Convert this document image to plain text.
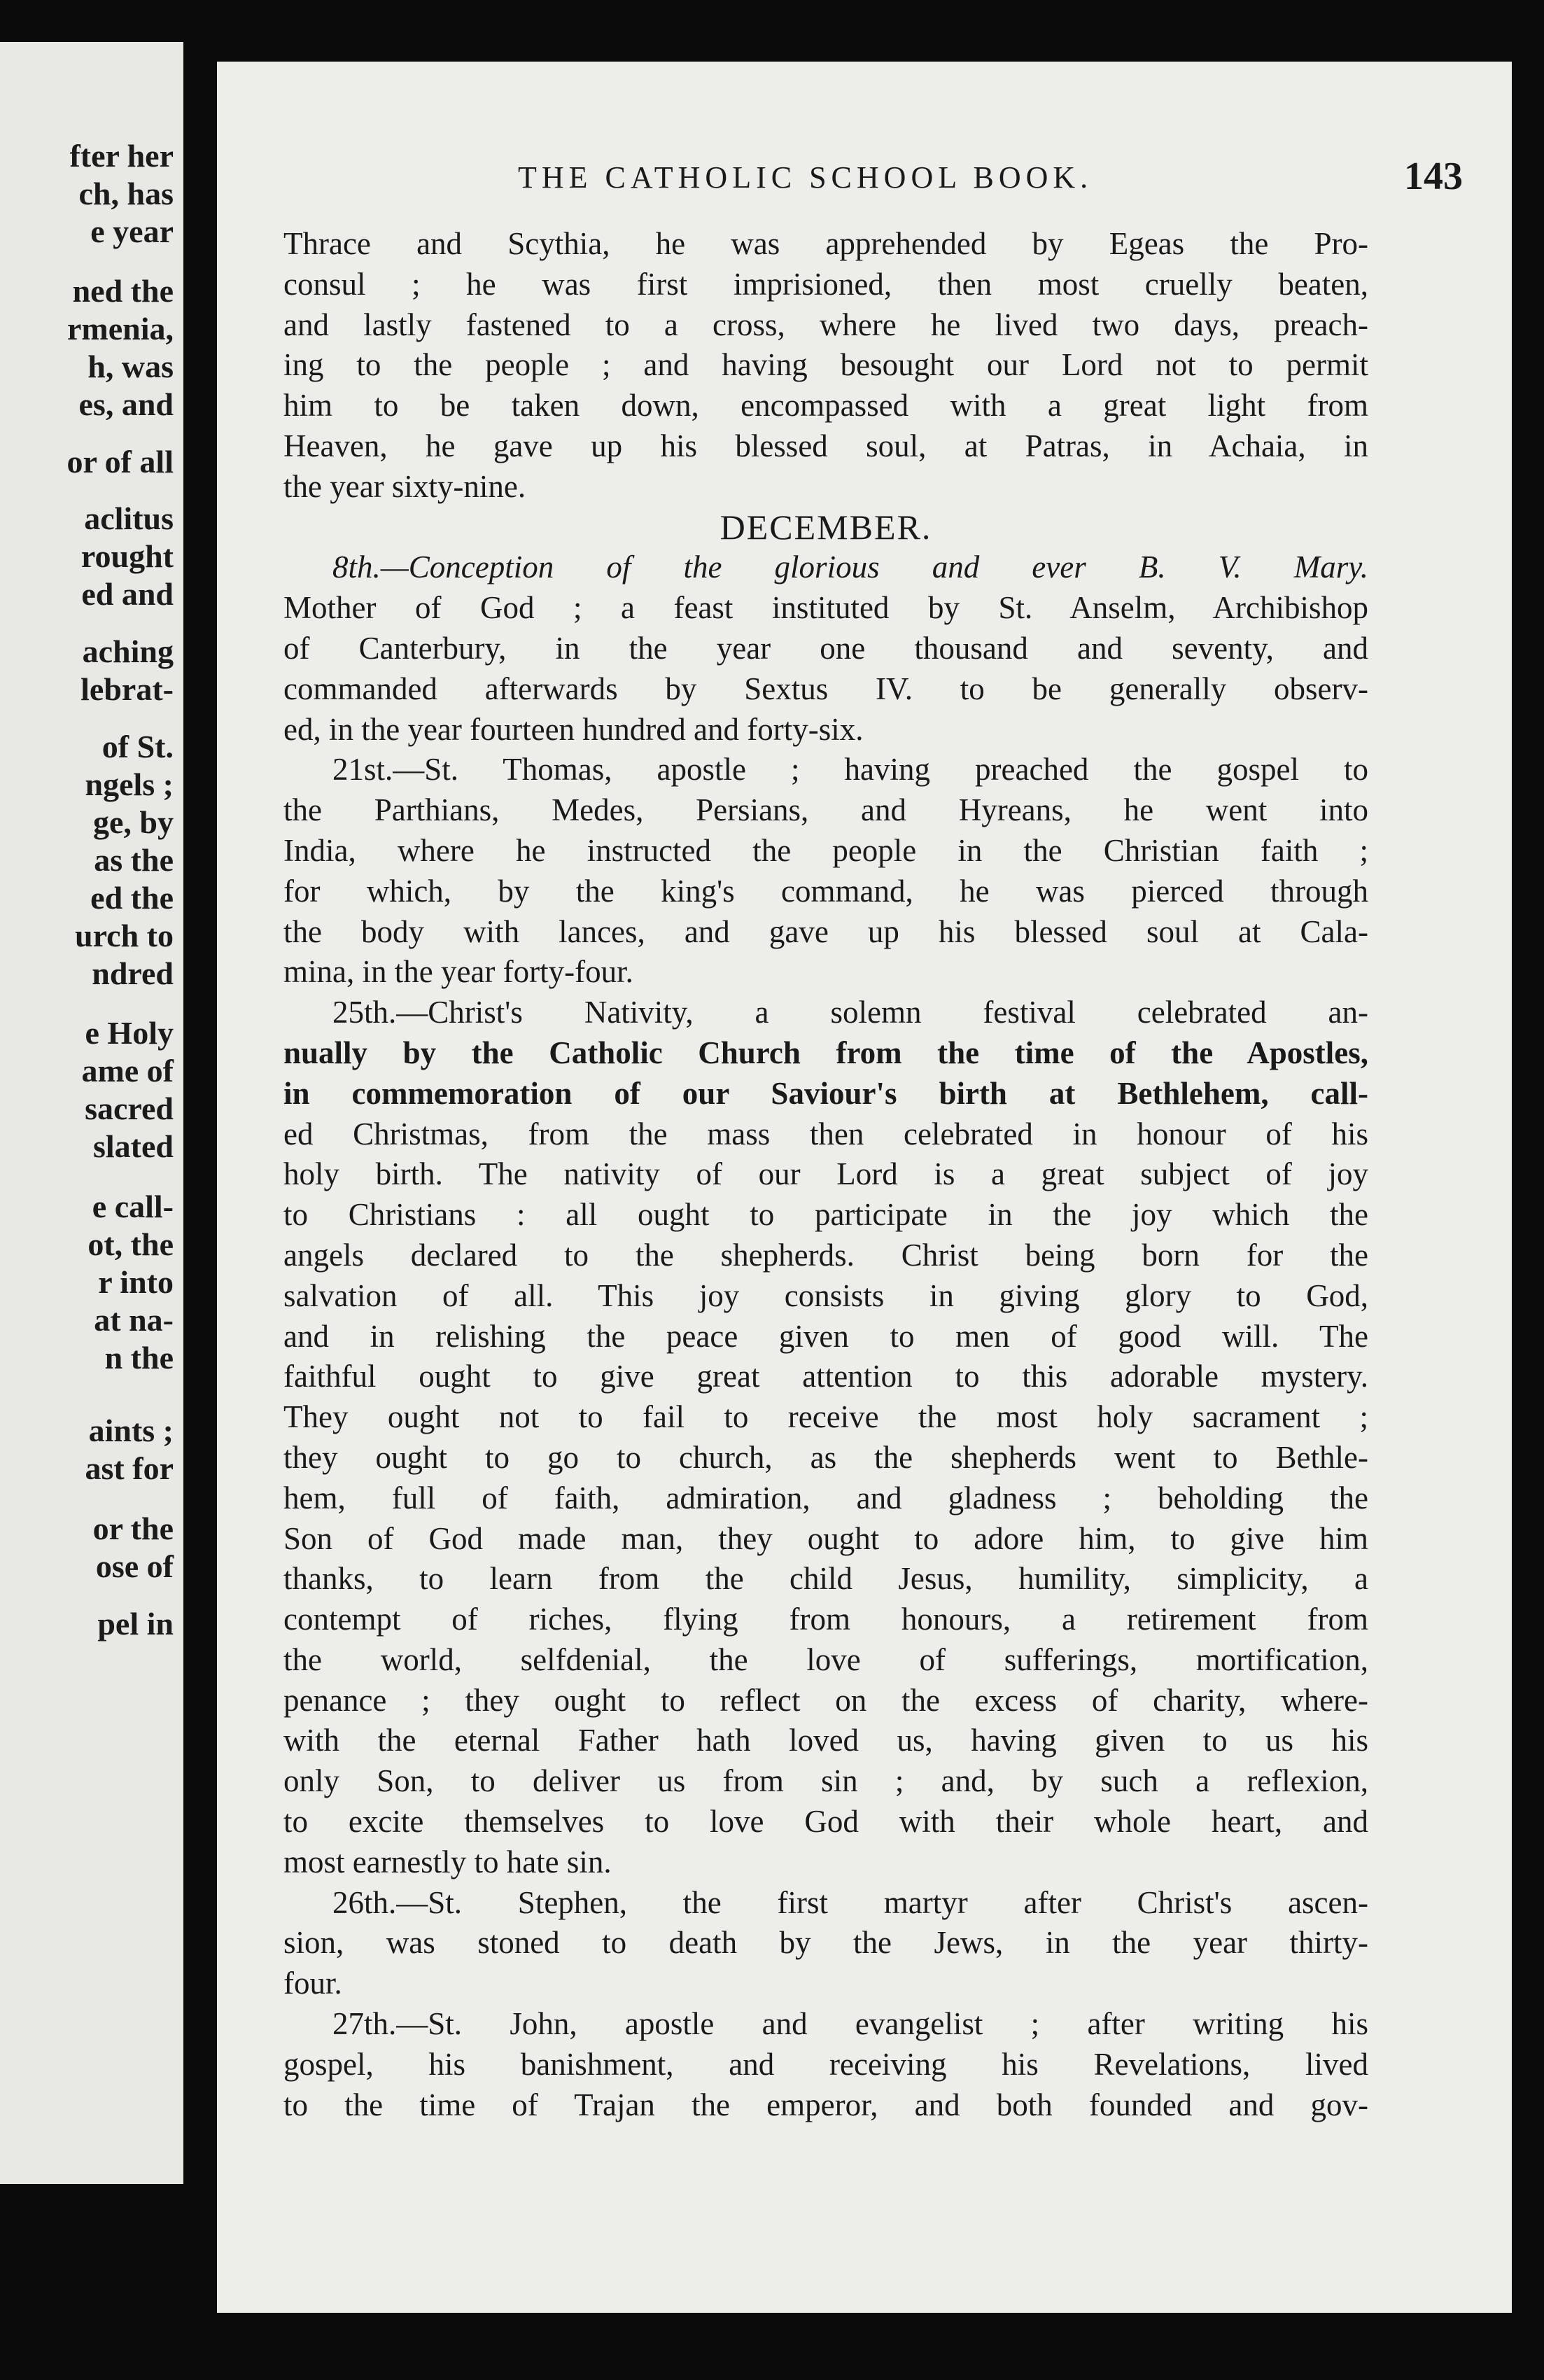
fter her
ch, has
e year
ned the
rmenia,
h, was
es, and
or of all
aclitus
rought
ed and
aching
lebrat-
of St.
ngels ;
ge, by
as the
ed the
urch to
ndred
e Holy
ame of
sacred
slated
e call-
ot, the
r into
at na-
n the
aints ;
ast for
or the
ose of
pel in
THE CATHOLIC SCHOOL BOOK.	143
Thrace and Scythia, he was apprehended by Egeas the Pro-
consul ; he was first imprisioned, then most cruelly beaten,
and lastly fastened to a cross, where he lived two days, preach-
ing to the people ; and having besought our Lord not to permit
him to be taken down, encompassed with a great light from
Heaven, he gave up his blessed soul, at Patras, in Achaia, in
the year sixty-nine.
DECEMBER.
8th.—Conception of the glorious and ever B. V. Mary.
Mother of God ; a feast instituted by St. Anselm, Archibishop
of Canterbury, in the year one thousand and seventy, and
commanded afterwards by Sextus IV. to be generally observ-
ed, in the year fourteen hundred and forty-six.
21st.—St. Thomas, apostle ; having preached the gospel to
the Parthians, Medes, Persians, and Hyreans, he went into
India, where he instructed the people in the Christian faith ;
for which, by the king's command, he was pierced through
the body with lances, and gave up his blessed soul at Cala-
mina, in the year forty-four.
25th.—Christ's Nativity, a solemn festival celebrated an-
nually by the Catholic Church from the time of the Apostles,
in commemoration of our Saviour's birth at Bethlehem, call-
ed Christmas, from the mass then celebrated in honour of his
holy birth. The nativity of our Lord is a great subject of joy
to Christians : all ought to participate in the joy which the
angels declared to the shepherds. Christ being born for the
salvation of all. This joy consists in giving glory to God,
and in relishing the peace given to men of good will. The
faithful ought to give great attention to this adorable mystery.
They ought not to fail to receive the most holy sacrament ;
they ought to go to church, as the shepherds went to Bethle-
hem, full of faith, admiration, and gladness ; beholding the
Son of God made man, they ought to adore him, to give him
thanks, to learn from the child Jesus, humility, simplicity, a
contempt of riches, flying from honours, a retirement from
the world, selfdenial, the love of sufferings, mortification,
penance ; they ought to reflect on the excess of charity, where-
with the eternal Father hath loved us, having given to us his
only Son, to deliver us from sin ; and, by such a reflexion,
to excite themselves to love God with their whole heart, and
most earnestly to hate sin.
26th.—St. Stephen, the first martyr after Christ's ascen-
sion, was stoned to death by the Jews, in the year thirty-
four.
27th.—St. John, apostle and evangelist ; after writing his
gospel, his banishment, and receiving his Revelations, lived
to the time of Trajan the emperor, and both founded and gov-
